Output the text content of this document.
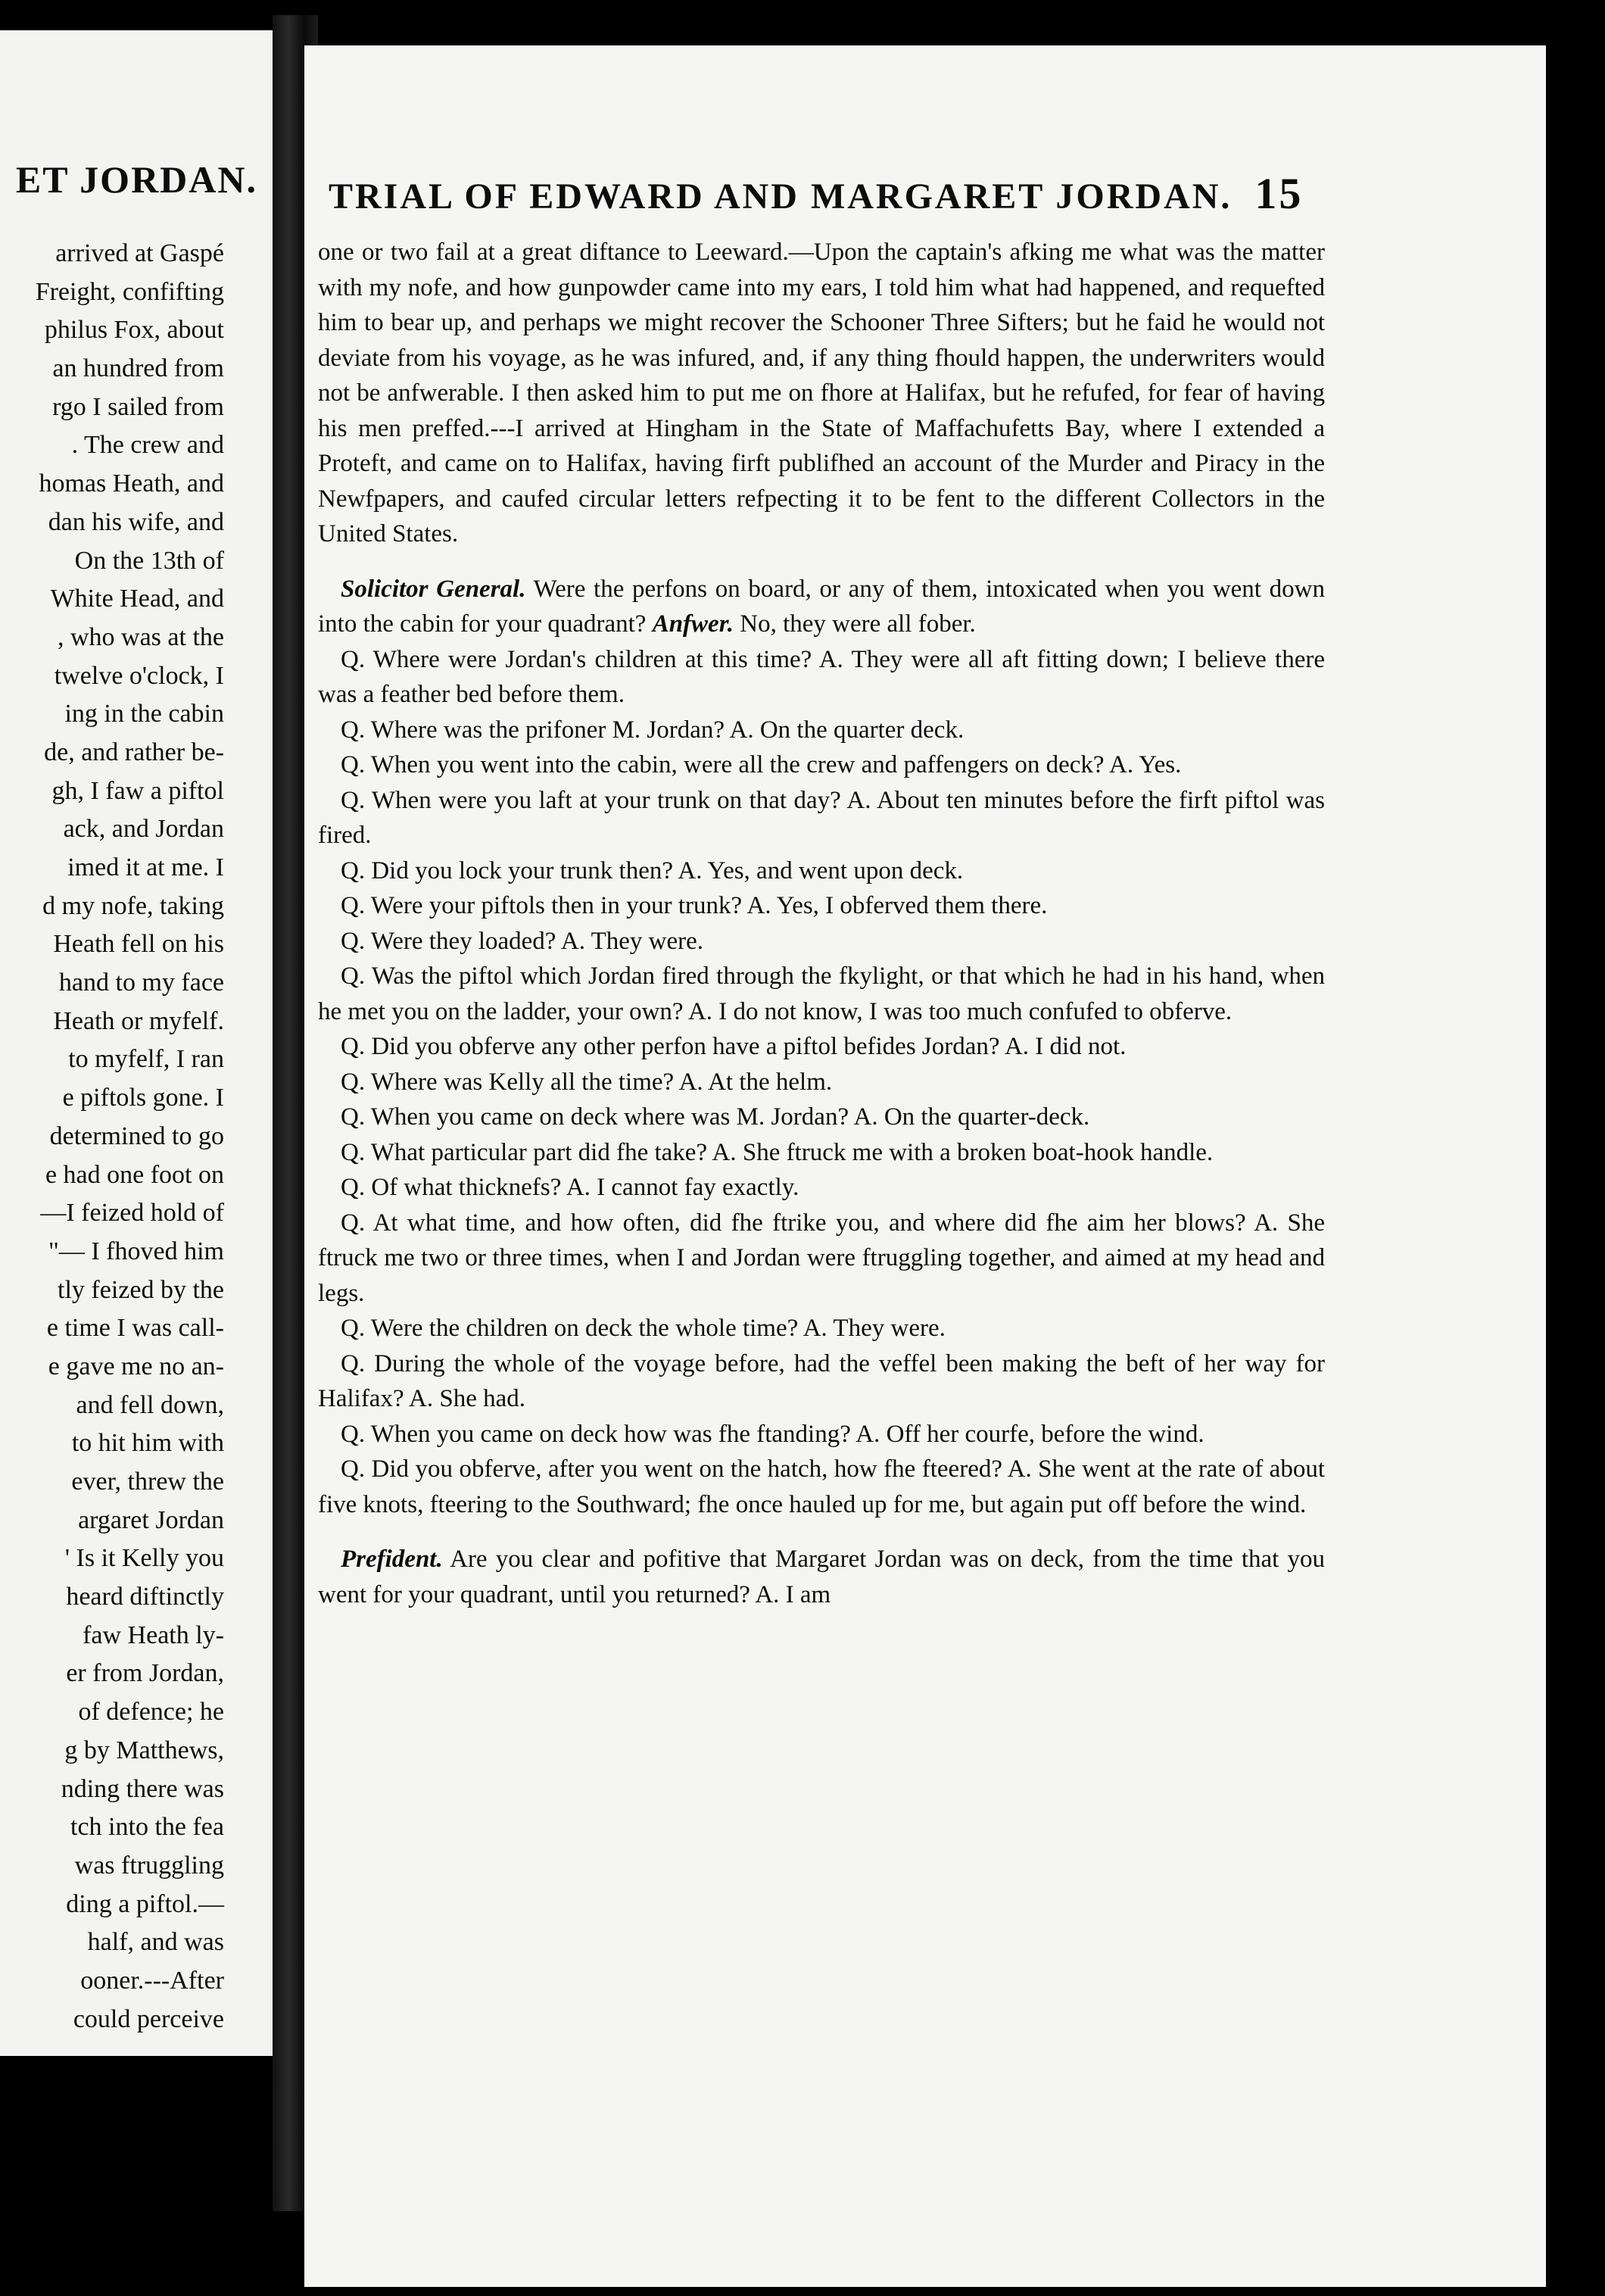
ET JORDAN.
arrived at Gaspé
Freight, confifting
philus Fox, about
an hundred from
rgo I sailed from
. The crew and
homas Heath, and
dan his wife, and
On the 13th of
White Head, and
, who was at the
twelve o'clock, I
ing in the cabin
de, and rather be-
gh, I faw a piftol
ack, and Jordan
imed it at me. I
d my nofe, taking
Heath fell on his
hand to my face
Heath or myfelf.
to myfelf, I ran
e piftols gone. I
determined to go
e had one foot on
—I feized hold of
"— I fhoved him
tly feized by the
e time I was call-
e gave me no an-
and fell down,
to hit him with
ever, threw the
argaret Jordan
' Is it Kelly you
heard diftinctly
faw Heath ly-
er from Jordan,
of defence; he
g by Matthews,
nding there was
tch into the fea
was ftruggling
ding a piftol.—
half, and was
ooner.---After
could perceive
TRIAL OF EDWARD AND MARGARET JORDAN. 15

one or two fail at a great diftance to Leeward.—Upon the captain's afking me what was the matter with my nofe, and how gunpowder came into my ears, I told him what had happened, and requefted him to bear up, and perhaps we might recover the Schooner Three Sifters; but he faid he would not deviate from his voyage, as he was infured, and, if any thing fhould happen, the underwriters would not be anfwerable. I then asked him to put me on fhore at Halifax, but he refufed, for fear of having his men preffed.---I arrived at Hingham in the State of Maffachufetts Bay, where I extended a Proteft, and came on to Halifax, having firft publifhed an account of the Murder and Piracy in the Newfpapers, and caufed circular letters refpecting it to be fent to the different Collectors in the United States.

Solicitor General. Were the perfons on board, or any of them, intoxicated when you went down into the cabin for your quadrant? Anfwer. No, they were all fober.

Q. Where were Jordan's children at this time? A. They were all aft fitting down; I believe there was a feather bed before them.

Q. Where was the prifoner M. Jordan? A. On the quarter deck.

Q. When you went into the cabin, were all the crew and paffengers on deck? A. Yes.

Q. When were you laft at your trunk on that day? A. About ten minutes before the firft piftol was fired.

Q. Did you lock your trunk then? A. Yes, and went upon deck.

Q. Were your piftols then in your trunk? A. Yes, I obferved them there.

Q. Were they loaded? A. They were.

Q. Was the piftol which Jordan fired through the fkylight, or that which he had in his hand, when he met you on the ladder, your own? A. I do not know, I was too much confufed to obferve.

Q. Did you obferve any other perfon have a piftol befides Jordan? A. I did not.

Q. Where was Kelly all the time? A. At the helm.

Q. When you came on deck where was M. Jordan? A. On the quarter-deck.

Q. What particular part did fhe take? A. She ftruck me with a broken boat-hook handle.

Q. Of what thicknefs? A. I cannot fay exactly.

Q. At what time, and how often, did fhe ftrike you, and where did fhe aim her blows? A. She ftruck me two or three times, when I and Jordan were ftruggling together, and aimed at my head and legs.

Q. Were the children on deck the whole time? A. They were.

Q. During the whole of the voyage before, had the veffel been making the beft of her way for Halifax? A. She had.

Q. When you came on deck how was fhe ftanding? A. Off her courfe, before the wind.

Q. Did you obferve, after you went on the hatch, how fhe fteered? A. She went at the rate of about five knots, fteering to the Southward; fhe once hauled up for me, but again put off before the wind.

Prefident. Are you clear and pofitive that Margaret Jordan was on deck, from the time that you went for your quadrant, until you returned? A. I am
